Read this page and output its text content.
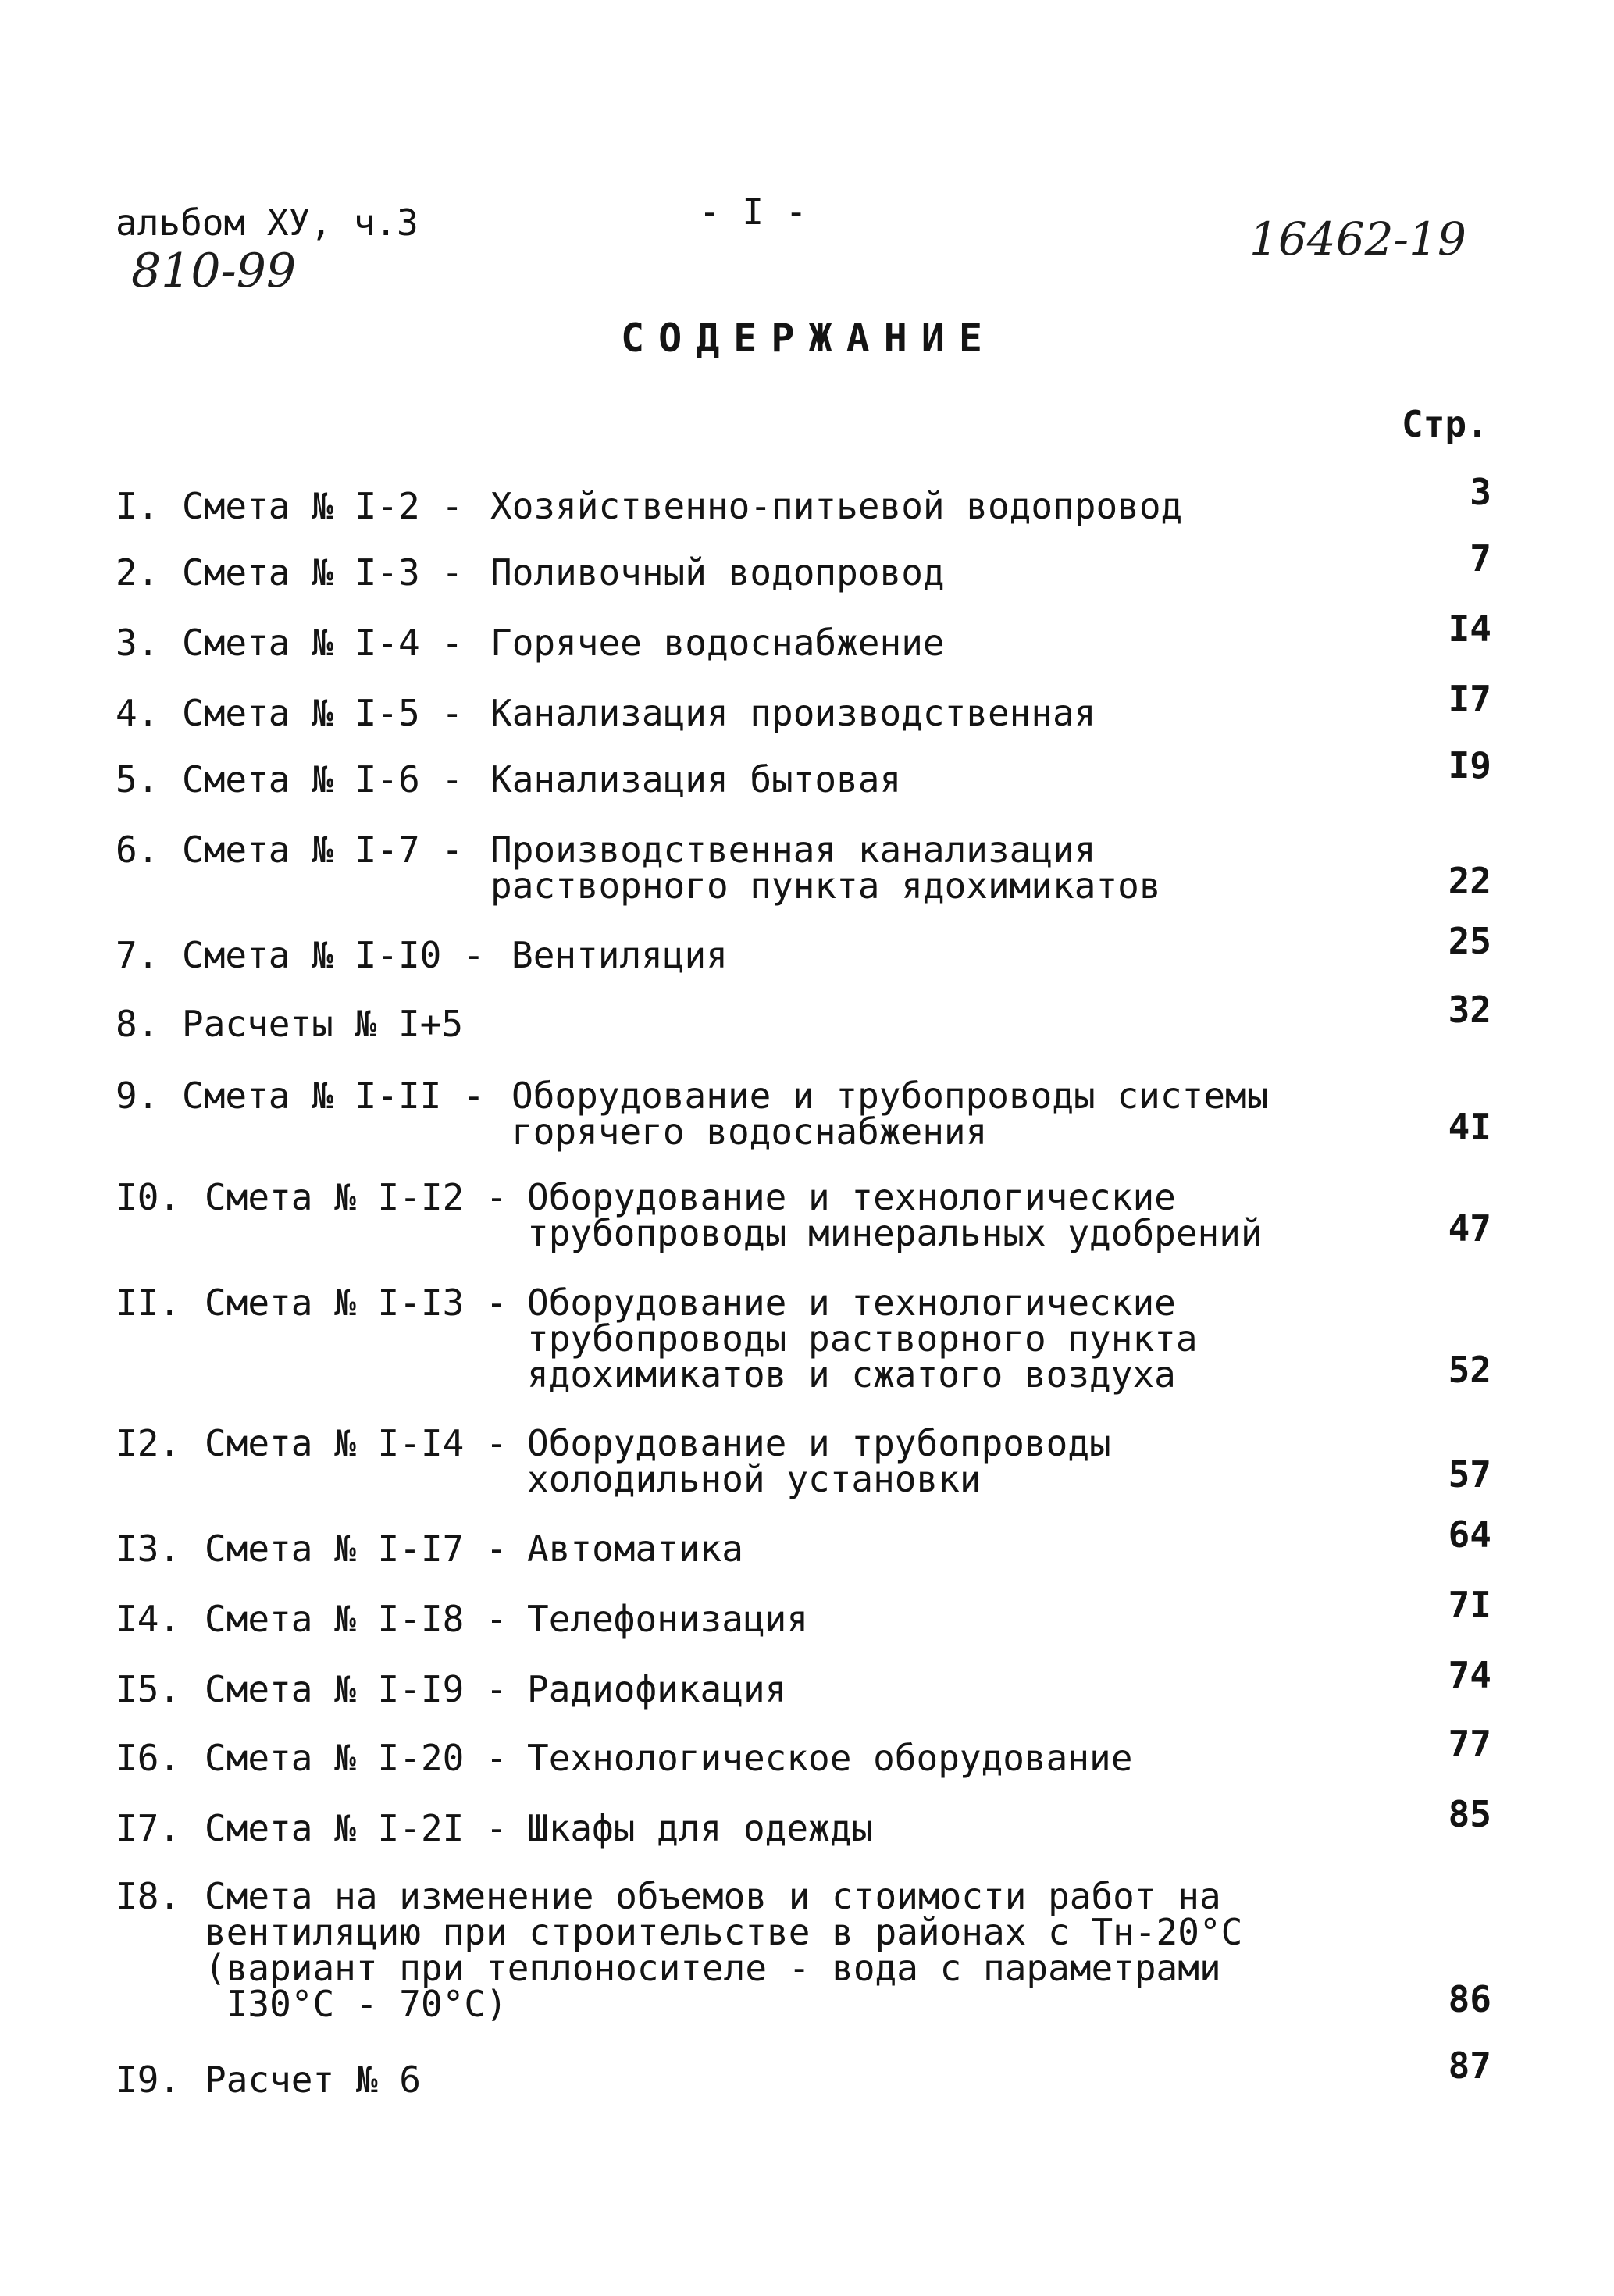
альбом ХУ, ч.3	- I -
810-99
16462-19
СОДЕРЖАНИЕ
Стр.
I. Смета № I-2 - Хозяйственно-питьевой водопровод	3
2. Смета № I-3 - Поливочный водопровод	7
3. Смета № I-4 - Горячее водоснабжение	I4
4. Смета № I-5 - Канализация производственная	I7
5. Смета № I-6 - Канализация бытовая	I9
6. Смета № I-7 - Производственная канализация
растворного пункта ядохимикатов	22
7. Смета № I-I0 - Вентиляция	25
8. Расчеты № I+5	32
9. Смета № I-II - Оборудование и трубопроводы системы
горячего водоснабжения	4I
I0. Смета № I-I2 - Оборудование и технологические
трубопроводы минеральных удобрений	47
II. Смета № I-I3 - Оборудование и технологические
трубопроводы растворного пункта
ядохимикатов и сжатого воздуха	52
I2. Смета № I-I4 - Оборудование и трубопроводы
холодильной установки	57
I3. Смета № I-I7 - Автоматика	64
I4. Смета № I-I8 - Телефонизация	7I
I5. Смета № I-I9 - Радиофикация	74
I6. Смета № I-20 - Технологическое оборудование	77
I7. Смета № I-2I - Шкафы для одежды	85
I8. Смета на изменение объемов и стоимости работ на
вентиляцию при строительстве в районах с Тн-20°С
(вариант при теплоносителе - вода с параметрами
I30°С - 70°С)	86
I9. Расчет № 6	87
